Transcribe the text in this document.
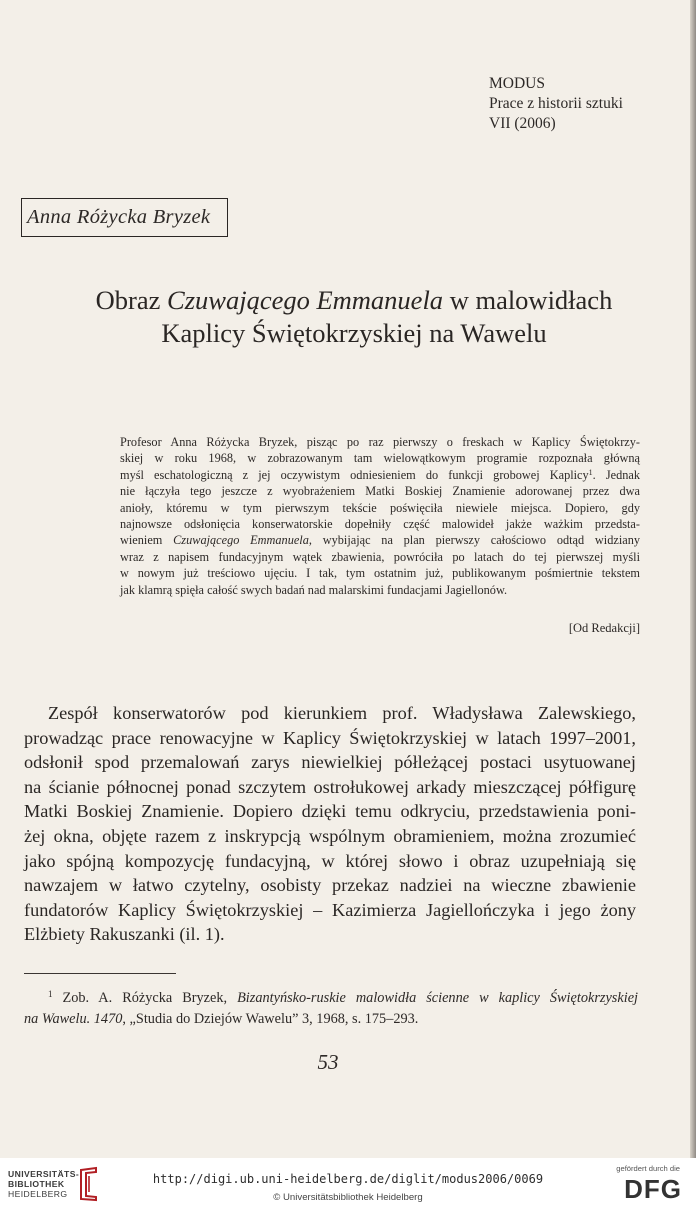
MODUS
Prace z historii sztuki
VII (2006)
Anna Różycka Bryzek
Obraz Czuwającego Emmanuela w malowidłach
Kaplicy Świętokrzyskiej na Wawelu
Profesor Anna Różycka Bryzek, pisząc po raz pierwszy o freskach w Kaplicy Świętokrzy-
skiej w roku 1968, w zobrazowanym tam wielowątkowym programie rozpoznała główną
myśl eschatologiczną z jej oczywistym odniesieniem do funkcji grobowej Kaplicy$^1$. Jednak
nie łączyła tego jeszcze z wyobrażeniem Matki Boskiej Znamienie adorowanej przez dwa
anioły, któremu w tym pierwszym tekście poświęciła niewiele miejsca. Dopiero, gdy
najnowsze odsłonięcia konserwatorskie dopełniły część malowideł jakże ważkim przedsta-
wieniem Czuwającego Emmanuela, wybijając na plan pierwszy całościowo odtąd widziany
wraz z napisem fundacyjnym wątek zbawienia, powróciła po latach do tej pierwszej myśli
w nowym już treściowo ujęciu. I tak, tym ostatnim już, publikowanym pośmiertnie tekstem
jak klamrą spięła całość swych badań nad malarskimi fundacjami Jagiellonów.
[Od Redakcji]
Zespół konserwatorów pod kierunkiem prof. Władysława Zalewskiego,
prowadząc prace renowacyjne w Kaplicy Świętokrzyskiej w latach 1997–2001,
odsłonił spod przemalowań zarys niewielkiej półleżącej postaci usytuowanej
na ścianie północnej ponad szczytem ostrołukowej arkady mieszczącej półfigurę
Matki Boskiej Znamienie. Dopiero dzięki temu odkryciu, przedstawienia poni-
żej okna, objęte razem z inskrypcją wspólnym obramieniem, można zrozumieć
jako spójną kompozycję fundacyjną, w której słowo i obraz uzupełniają się
nawzajem w łatwo czytelny, osobisty przekaz nadziei na wieczne zbawienie
fundatorów Kaplicy Świętokrzyskiej – Kazimierza Jagiellończyka i jego żony
Elżbiety Rakuszanki (il. 1).
$^1$ Zob. A. Różycka Bryzek, Bizantyńsko-ruskie malowidła ścienne w kaplicy Świętokrzyskiej
na Wawelu. 1470, „Studia do Dziejów Wawelu” 3, 1968, s. 175–293.
53
UNIVERSITÄTS-
BIBLIOTHEK
HEIDELBERG
http://digi.ub.uni-heidelberg.de/diglit/modus2006/0069
© Universitätsbibliothek Heidelberg
gefördert durch die
DFG
